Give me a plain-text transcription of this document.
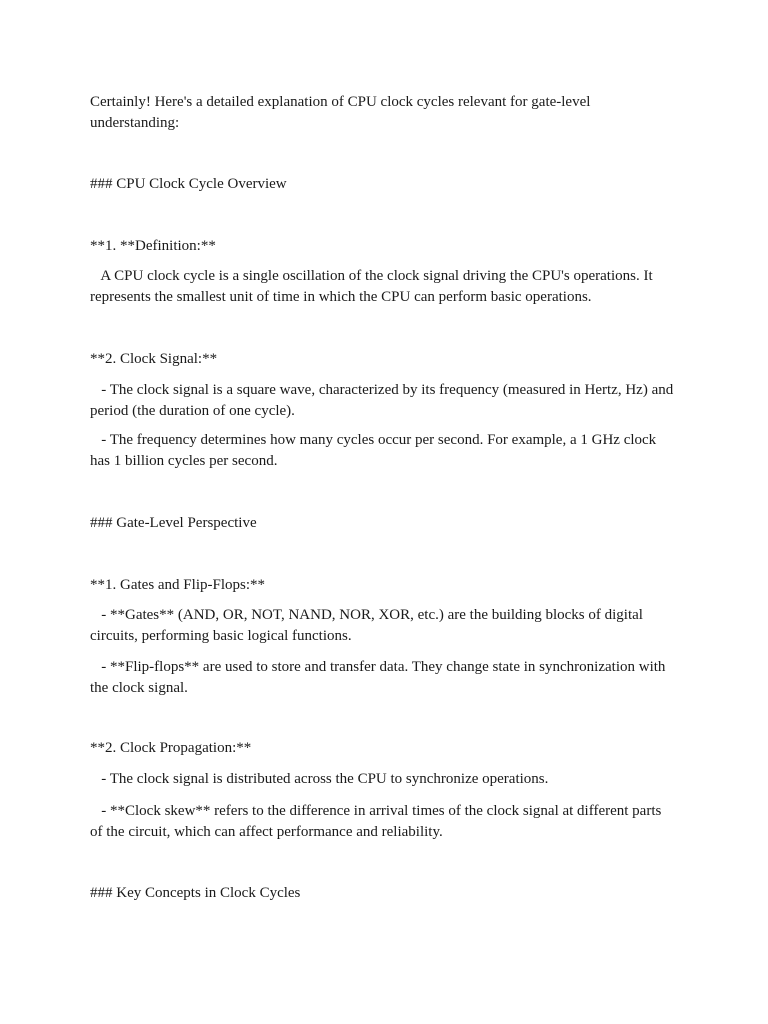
Certainly! Here's a detailed explanation of CPU clock cycles relevant for gate-level
understanding:

### CPU Clock Cycle Overview

**1. **Definition:**

A CPU clock cycle is a single oscillation of the clock signal driving the CPU's operations. It
represents the smallest unit of time in which the CPU can perform basic operations.

**2. Clock Signal:**

- The clock signal is a square wave, characterized by its frequency (measured in Hertz, Hz) and
period (the duration of one cycle).

- The frequency determines how many cycles occur per second. For example, a 1 GHz clock
has 1 billion cycles per second.

### Gate-Level Perspective

**1. Gates and Flip-Flops:**

- **Gates** (AND, OR, NOT, NAND, NOR, XOR, etc.) are the building blocks of digital
circuits, performing basic logical functions.

- **Flip-flops** are used to store and transfer data. They change state in synchronization with
the clock signal.

**2. Clock Propagation:**

- The clock signal is distributed across the CPU to synchronize operations.

- **Clock skew** refers to the difference in arrival times of the clock signal at different parts
of the circuit, which can affect performance and reliability.

### Key Concepts in Clock Cycles
